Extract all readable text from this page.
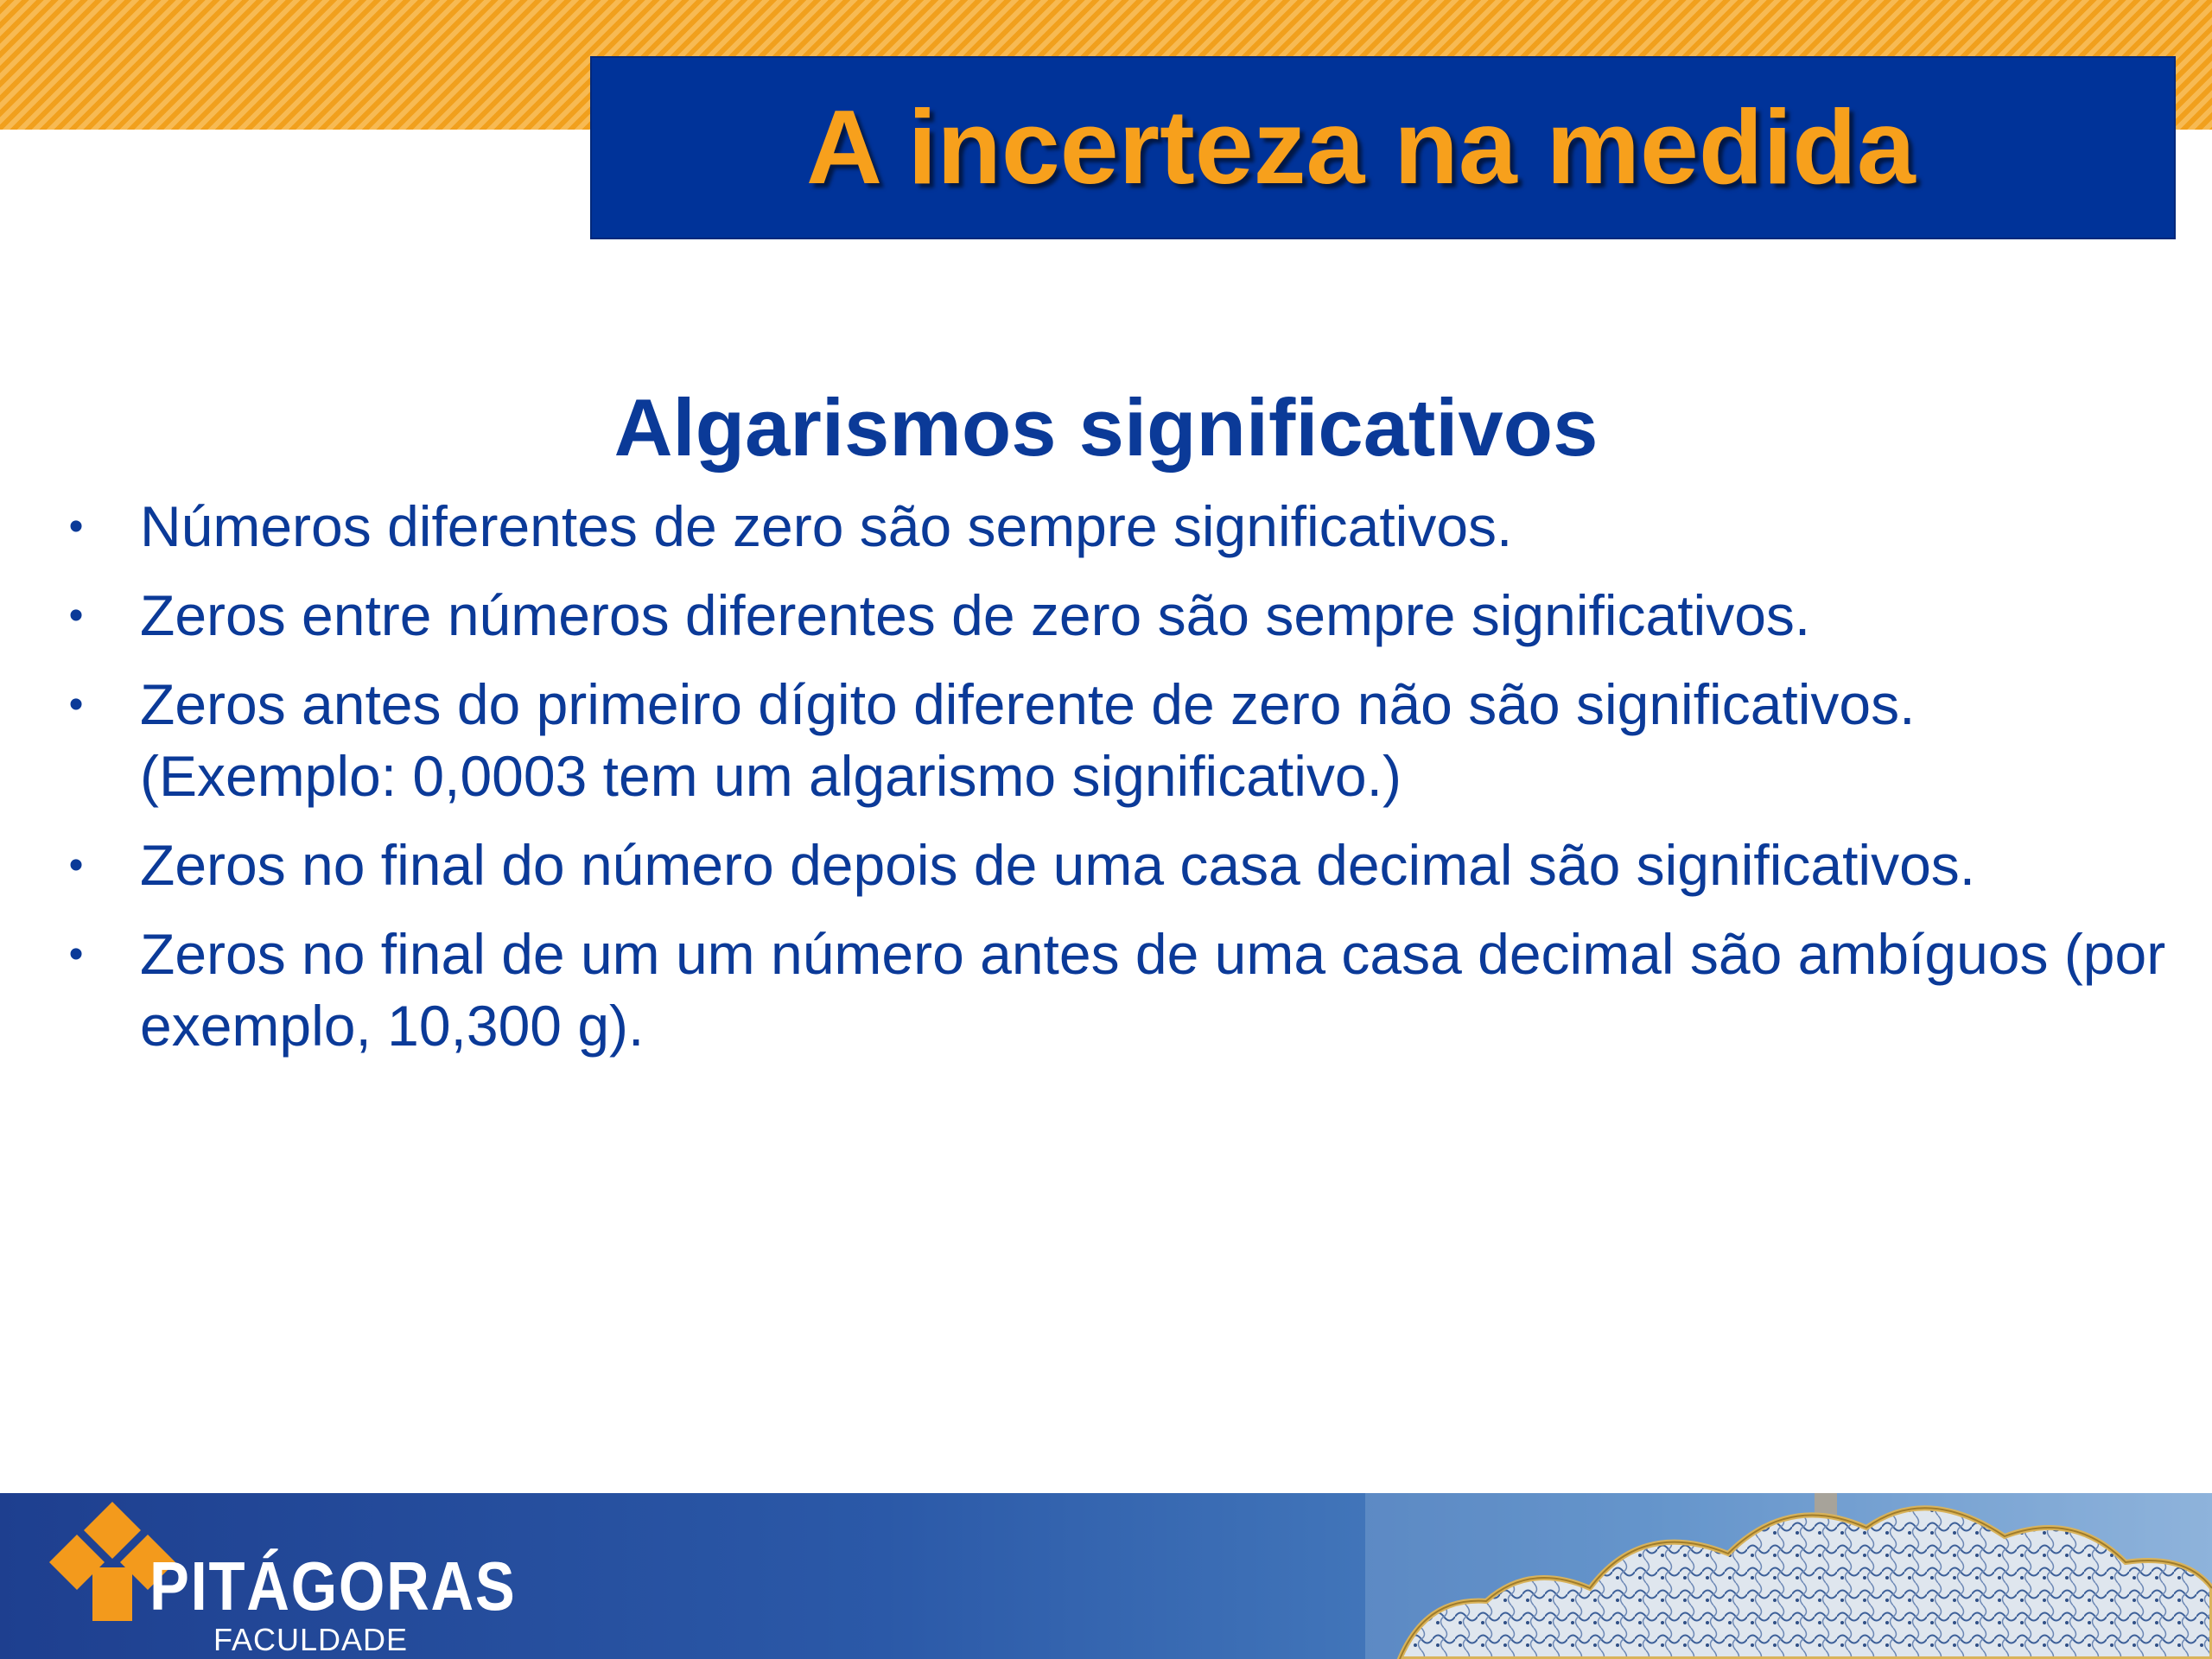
A incerteza na medida
Algarismos significativos
• Números diferentes de zero são sempre significativos.
• Zeros entre números diferentes de zero são sempre significativos.
• Zeros antes do primeiro dígito diferente de zero não são significativos. (Exemplo: 0,0003 tem um algarismo significativo.)
• Zeros no final do número depois de uma casa decimal são significativos.
• Zeros no final de um um número antes de uma casa decimal são ambíguos (por exemplo, 10,300 g).
PITÁGORAS
FACULDADE
